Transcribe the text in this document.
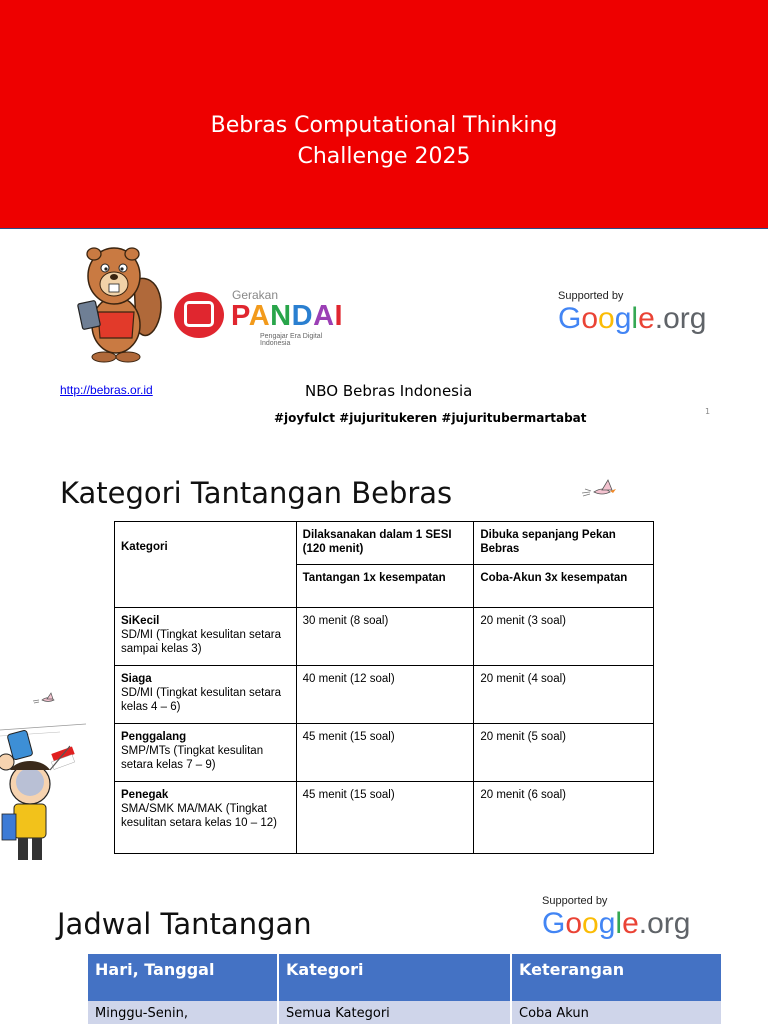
Bebras Computational Thinking
Challenge 2025
Gerakan
PANDAI
Pengajar Era Digital Indonesia
Supported by
Google.org
http://bebras.or.id	NBO Bebras Indonesia
#joyfulct #jujuritukeren #jujuritubermartabat	1
Kategori Tantangan Bebras
Kategori	Dilaksanakan dalam 1 SESI (120 menit)	Dibuka sepanjang Pekan Bebras
	Tantangan 1x kesempatan	Coba-Akun 3x kesempatan

SiKecil
SD/MI (Tingkat kesulitan setara sampai kelas 3)	30 menit (8 soal)	20 menit (3 soal)

Siaga
SD/MI (Tingkat kesulitan setara kelas 4 – 6)	40 menit (12 soal)	20 menit (4 soal)

Penggalang
SMP/MTs (Tingkat kesulitan setara kelas 7 – 9)	45 menit (15 soal)	20 menit (5 soal)

Penegak
SMA/SMK MA/MAK (Tingkat kesulitan setara kelas 10 – 12)	45 menit (15 soal)	20 menit (6 soal)
Jadwal Tantangan
Supported by
Google.org
Hari, Tanggal	Kategori	Keterangan
Minggu-Senin,	Semua Kategori	Coba Akun
